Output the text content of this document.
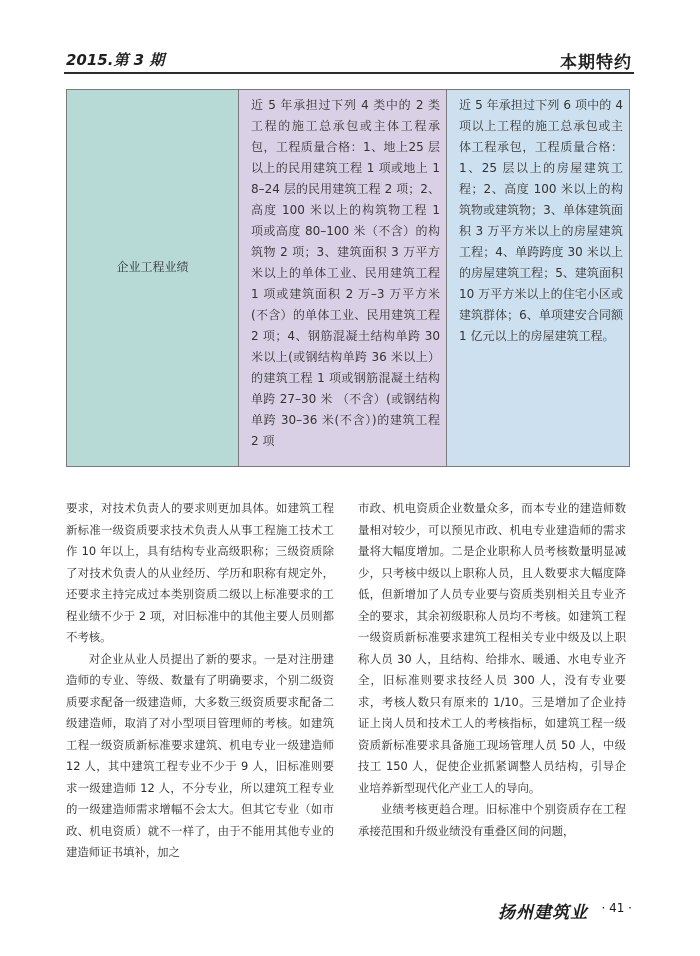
2015.第 3 期	本期特约
企业工程业绩
近 5 年承担过下列 4 类中的 2 类工程的施工总承包或主体工程承包，工程质量合格：1、地上25 层以上的民用建筑工程 1 项或地上 18–24 层的民用建筑工程 2 项；2、高度 100 米以上的构筑物工程 1 项或高度 80–100 米（不含）的构筑物 2 项；3、建筑面积 3 万平方米以上的单体工业、民用建筑工程 1 项或建筑面积 2 万–3 万平方米(不含）的单体工业、民用建筑工程 2 项；4、钢筋混凝土结构单跨 30 米以上(或钢结构单跨 36 米以上）的建筑工程 1 项或钢筋混凝土结构单跨 27–30 米 （不含）(或钢结构单跨 30–36 米(不含）)的建筑工程 2 项
近 5 年承担过下列 6 项中的 4 项以上工程的施工总承包或主体工程承包，工程质量合格：1、25 层以上的房屋建筑工程；2、高度 100 米以上的构筑物或建筑物；3、单体建筑面积 3 万平方米以上的房屋建筑工程；4、单跨跨度 30 米以上的房屋建筑工程；5、建筑面积 10 万平方米以上的住宅小区或建筑群体；6、单项建安合同额 1 亿元以上的房屋建筑工程。

要求，对技术负责人的要求则更加具体。如建筑工程新标准一级资质要求技术负责人从事工程施工技术工作 10 年以上，具有结构专业高级职称；三级资质除了对技术负责人的从业经历、学历和职称有规定外，还要求主持完成过本类别资质二级以上标准要求的工程业绩不少于 2 项，对旧标准中的其他主要人员则都不考核。

对企业从业人员提出了新的要求。一是对注册建造师的专业、等级、数量有了明确要求，个别二级资质要求配备一级建造师，大多数三级资质要求配备二级建造师，取消了对小型项目管理师的考核。如建筑工程一级资质新标准要求建筑、机电专业一级建造师 12 人，其中建筑工程专业不少于 9 人，旧标准则要求一级建造师 12 人，不分专业，所以建筑工程专业的一级建造师需求增幅不会太大。但其它专业（如市政、机电资质）就不一样了，由于不能用其他专业的建造师证书填补，加之

市政、机电资质企业数量众多，而本专业的建造师数量相对较少，可以预见市政、机电专业建造师的需求量将大幅度增加。二是企业职称人员考核数量明显减少，只考核中级以上职称人员，且人数要求大幅度降低，但新增加了人员专业要与资质类别相关且专业齐全的要求，其余初级职称人员均不考核。如建筑工程一级资质新标准要求建筑工程相关专业中级及以上职称人员 30 人，且结构、给排水、暖通、水电专业齐全，旧标准则要求技经人员 300 人，没有专业要求，考核人数只有原来的 1/10。三是增加了企业持证上岗人员和技术工人的考核指标，如建筑工程一级资质新标准要求具备施工现场管理人员 50 人，中级技工 150 人，促使企业抓紧调整人员结构，引导企业培养新型现代化产业工人的导向。

业绩考核更趋合理。旧标准中个别资质存在工程承接范围和升级业绩没有重叠区间的问题，

扬州建筑业 · 41 ·
